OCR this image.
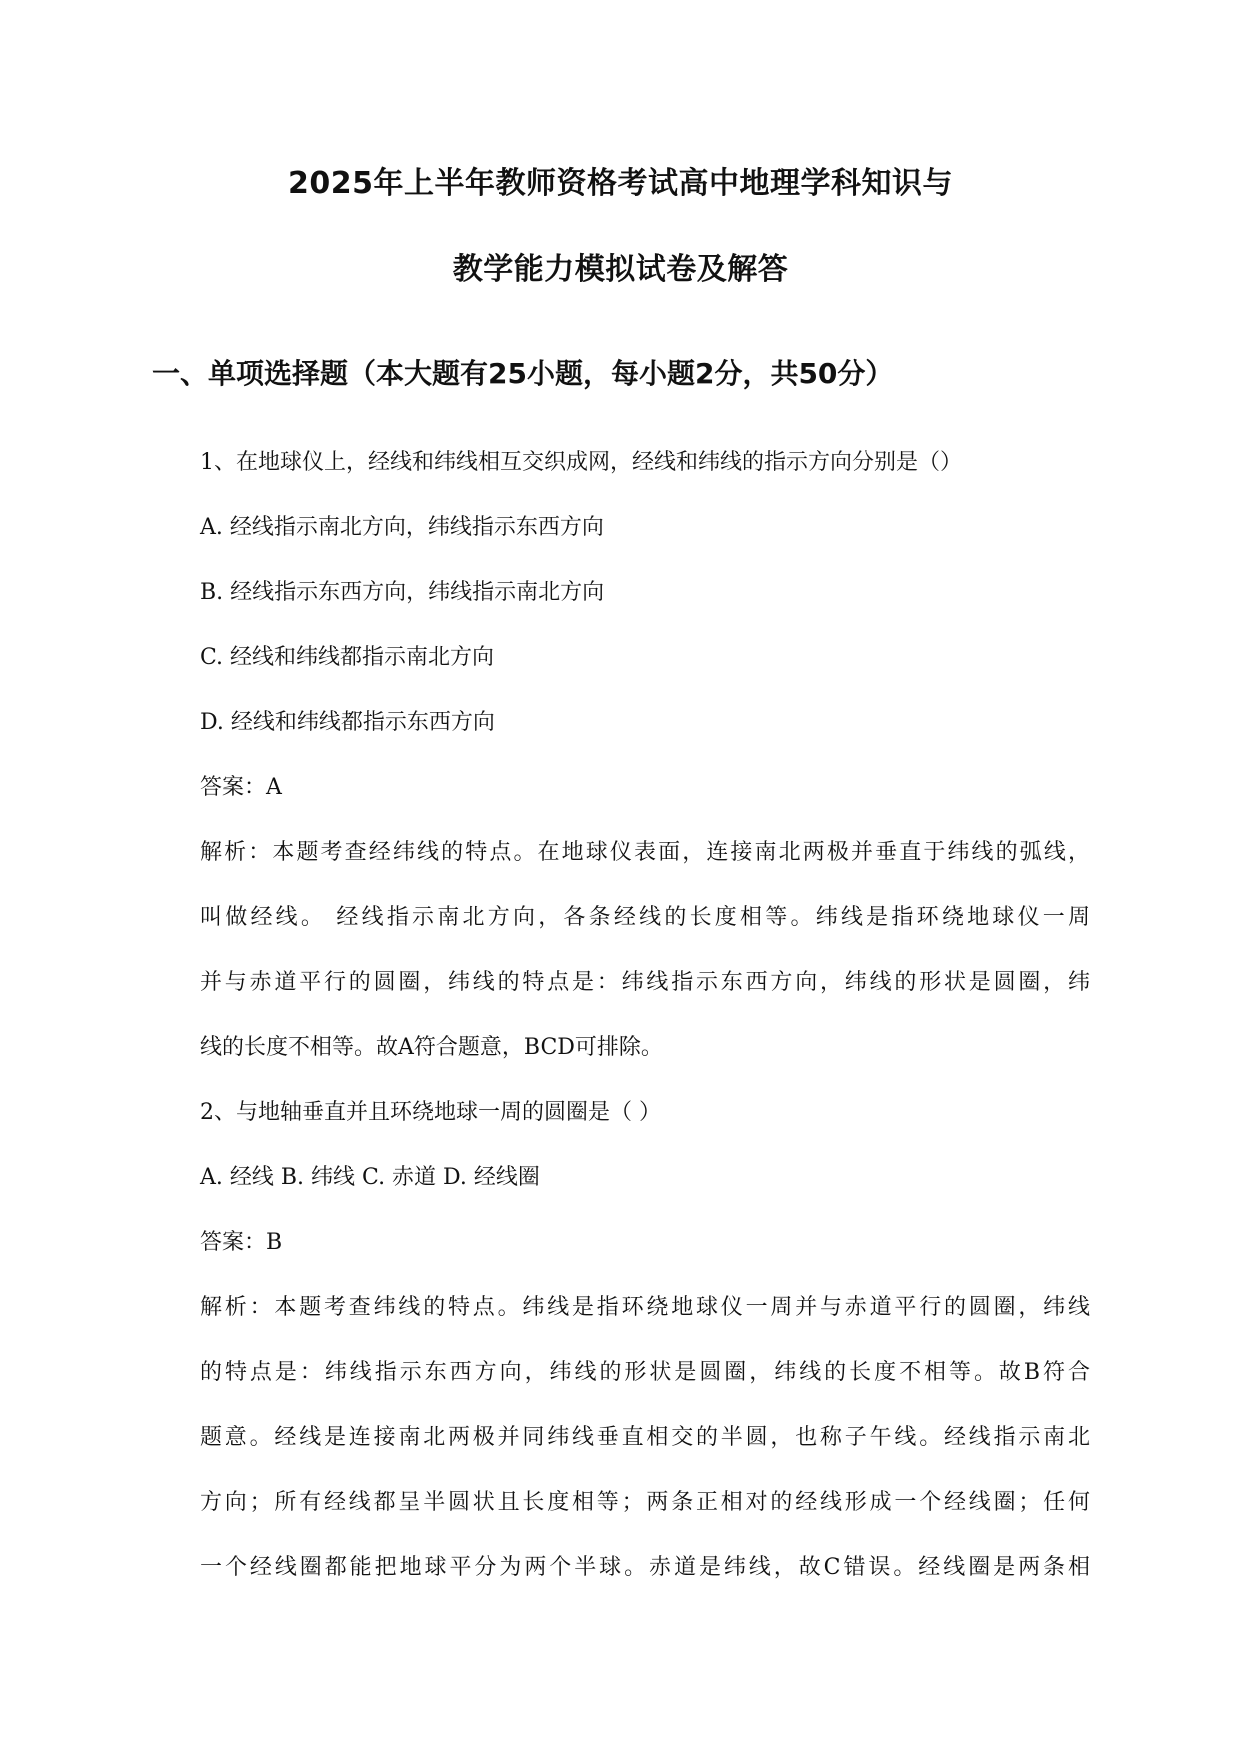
2025年上半年教师资格考试高中地理学科知识与
教学能力模拟试卷及解答
一、单项选择题（本大题有25小题，每小题2分，共50分）

1、在地球仪上，经线和纬线相互交织成网，经线和纬线的指示方向分别是（）

A. 经线指示南北方向，纬线指示东西方向

B. 经线指示东西方向，纬线指示南北方向

C. 经线和纬线都指示南北方向

D. 经线和纬线都指示东西方向

答案：A

解析：本题考查经纬线的特点。在地球仪表面，连接南北两极并垂直于纬线的弧线，

叫做经线。 经线指示南北方向，各条经线的长度相等。纬线是指环绕地球仪一周

并与赤道平行的圆圈，纬线的特点是：纬线指示东西方向，纬线的形状是圆圈，纬

线的长度不相等。故A符合题意，BCD可排除。

2、与地轴垂直并且环绕地球一周的圆圈是（ ）

A. 经线 B. 纬线 C. 赤道 D. 经线圈

答案：B

解析：本题考查纬线的特点。纬线是指环绕地球仪一周并与赤道平行的圆圈，纬线

的特点是：纬线指示东西方向，纬线的形状是圆圈，纬线的长度不相等。故B符合

题意。经线是连接南北两极并同纬线垂直相交的半圆，也称子午线。经线指示南北

方向；所有经线都呈半圆状且长度相等；两条正相对的经线形成一个经线圈；任何

一个经线圈都能把地球平分为两个半球。赤道是纬线，故C错误。经线圈是两条相
